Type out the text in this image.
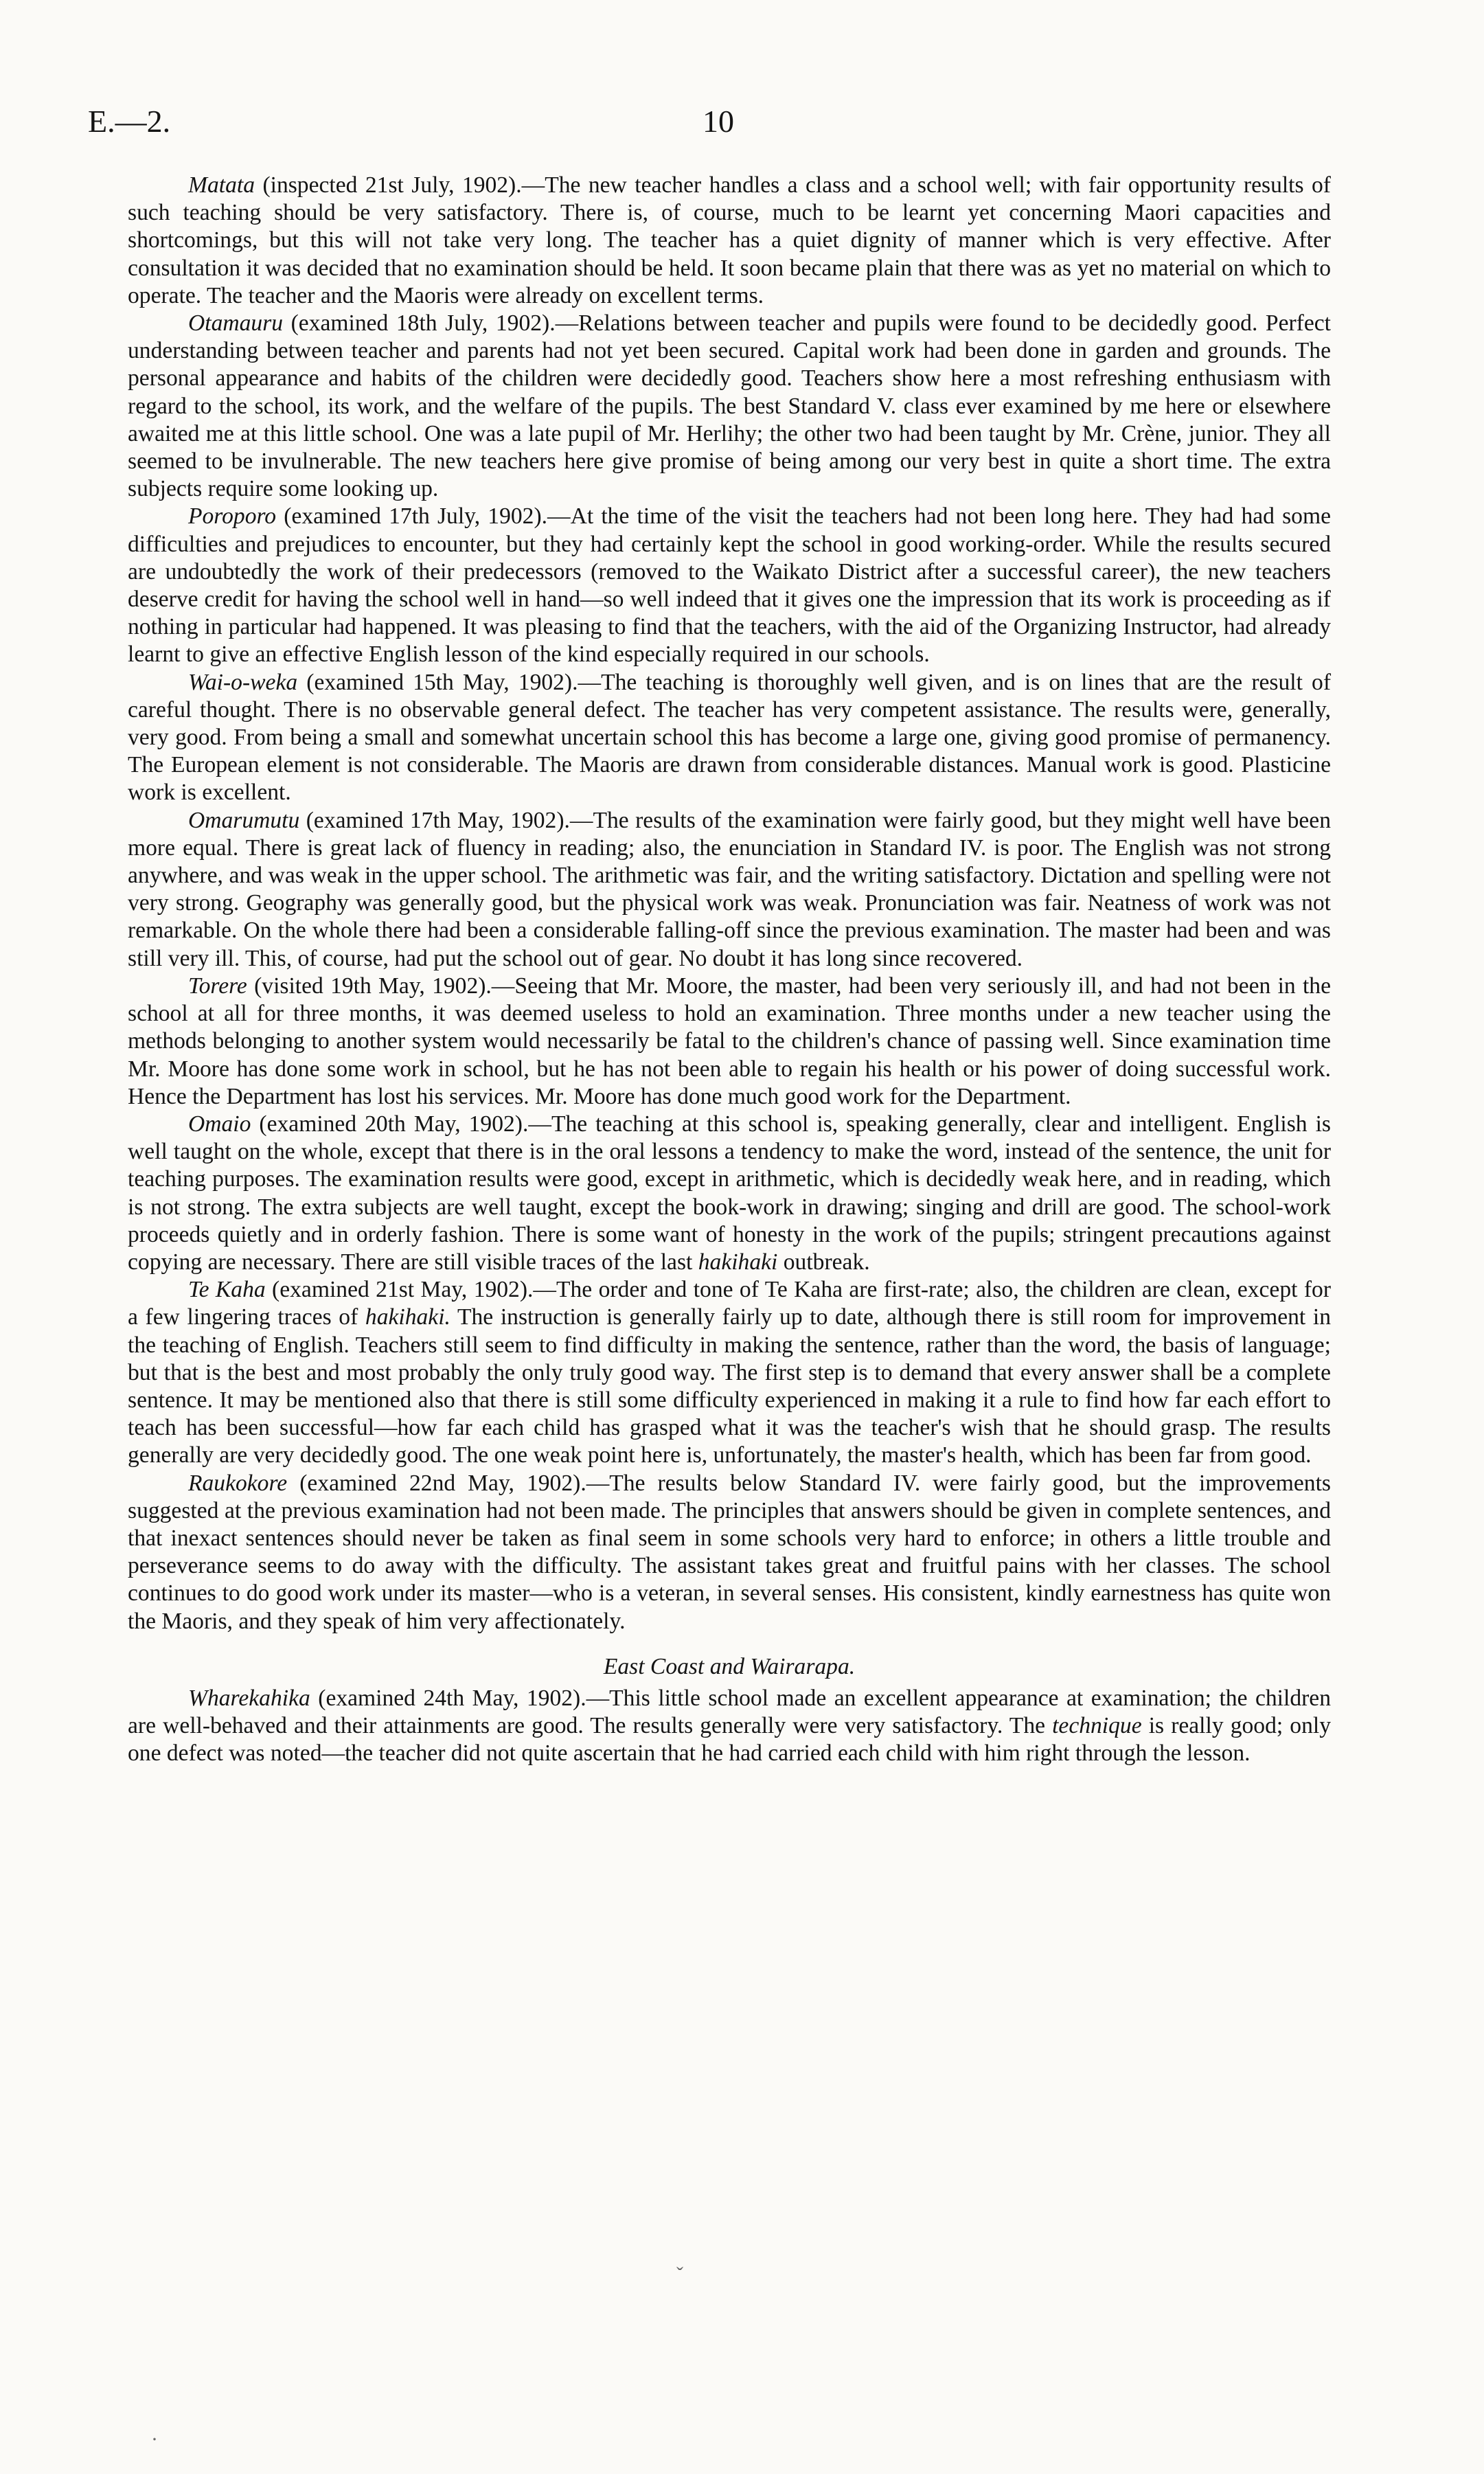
E.—2.	10

Matata (inspected 21st July, 1902).—The new teacher handles a class and a school well; with fair opportunity results of such teaching should be very satisfactory. There is, of course, much to be learnt yet concerning Maori capacities and shortcomings, but this will not take very long. The teacher has a quiet dignity of manner which is very effective. After consultation it was decided that no examination should be held. It soon became plain that there was as yet no material on which to operate. The teacher and the Maoris were already on excellent terms.

Otamauru (examined 18th July, 1902).—Relations between teacher and pupils were found to be decidedly good. Perfect understanding between teacher and parents had not yet been secured. Capital work had been done in garden and grounds. The personal appearance and habits of the children were decidedly good. Teachers show here a most refreshing enthusiasm with regard to the school, its work, and the welfare of the pupils. The best Standard V. class ever examined by me here or elsewhere awaited me at this little school. One was a late pupil of Mr. Herlihy; the other two had been taught by Mr. Crène, junior. They all seemed to be invulnerable. The new teachers here give promise of being among our very best in quite a short time. The extra subjects require some looking up.

Poroporo (examined 17th July, 1902).—At the time of the visit the teachers had not been long here. They had had some difficulties and prejudices to encounter, but they had certainly kept the school in good working-order. While the results secured are undoubtedly the work of their predecessors (removed to the Waikato District after a successful career), the new teachers deserve credit for having the school well in hand—so well indeed that it gives one the impression that its work is proceeding as if nothing in particular had happened. It was pleasing to find that the teachers, with the aid of the Organizing Instructor, had already learnt to give an effective English lesson of the kind especially required in our schools.

Wai-o-weka (examined 15th May, 1902).—The teaching is thoroughly well given, and is on lines that are the result of careful thought. There is no observable general defect. The teacher has very competent assistance. The results were, generally, very good. From being a small and somewhat uncertain school this has become a large one, giving good promise of permanency. The European element is not considerable. The Maoris are drawn from considerable distances. Manual work is good. Plasticine work is excellent.

Omarumutu (examined 17th May, 1902).—The results of the examination were fairly good, but they might well have been more equal. There is great lack of fluency in reading; also, the enunciation in Standard IV. is poor. The English was not strong anywhere, and was weak in the upper school. The arithmetic was fair, and the writing satisfactory. Dictation and spelling were not very strong. Geography was generally good, but the physical work was weak. Pronunciation was fair. Neatness of work was not remarkable. On the whole there had been a considerable falling-off since the previous examination. The master had been and was still very ill. This, of course, had put the school out of gear. No doubt it has long since recovered.

Torere (visited 19th May, 1902).—Seeing that Mr. Moore, the master, had been very seriously ill, and had not been in the school at all for three months, it was deemed useless to hold an examination. Three months under a new teacher using the methods belonging to another system would necessarily be fatal to the children's chance of passing well. Since examination time Mr. Moore has done some work in school, but he has not been able to regain his health or his power of doing successful work. Hence the Department has lost his services. Mr. Moore has done much good work for the Department.

Omaio (examined 20th May, 1902).—The teaching at this school is, speaking generally, clear and intelligent. English is well taught on the whole, except that there is in the oral lessons a tendency to make the word, instead of the sentence, the unit for teaching purposes. The examination results were good, except in arithmetic, which is decidedly weak here, and in reading, which is not strong. The extra subjects are well taught, except the book-work in drawing; singing and drill are good. The school-work proceeds quietly and in orderly fashion. There is some want of honesty in the work of the pupils; stringent precautions against copying are necessary. There are still visible traces of the last hakihaki outbreak.

Te Kaha (examined 21st May, 1902).—The order and tone of Te Kaha are first-rate; also, the children are clean, except for a few lingering traces of hakihaki. The instruction is generally fairly up to date, although there is still room for improvement in the teaching of English. Teachers still seem to find difficulty in making the sentence, rather than the word, the basis of language; but that is the best and most probably the only truly good way. The first step is to demand that every answer shall be a complete sentence. It may be mentioned also that there is still some difficulty experienced in making it a rule to find how far each effort to teach has been successful—how far each child has grasped what it was the teacher's wish that he should grasp. The results generally are very decidedly good. The one weak point here is, unfortunately, the master's health, which has been far from good.

Raukokore (examined 22nd May, 1902).—The results below Standard IV. were fairly good, but the improvements suggested at the previous examination had not been made. The principles that answers should be given in complete sentences, and that inexact sentences should never be taken as final seem in some schools very hard to enforce; in others a little trouble and perseverance seems to do away with the difficulty. The assistant takes great and fruitful pains with her classes. The school continues to do good work under its master—who is a veteran, in several senses. His consistent, kindly earnestness has quite won the Maoris, and they speak of him very affectionately.

East Coast and Wairarapa.

Wharekahika (examined 24th May, 1902).—This little school made an excellent appearance at examination; the children are well-behaved and their attainments are good. The results generally were very satisfactory. The technique is really good; only one defect was noted—the teacher did not quite ascertain that he had carried each child with him right through the lesson.

ˇ
·
